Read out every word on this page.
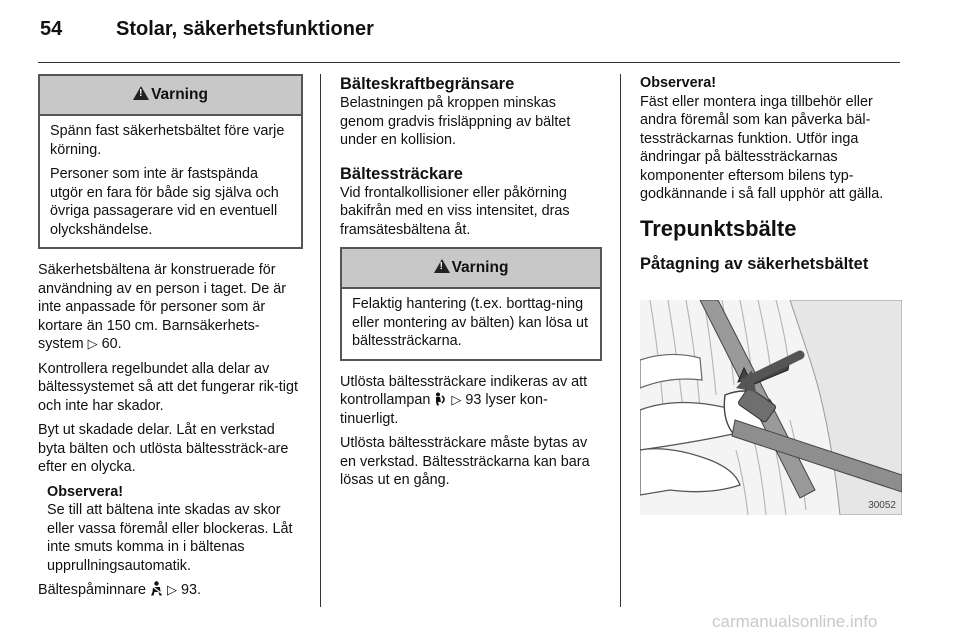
54	Stolar, säkerhetsfunktioner
!Varning

Spänn fast säkerhetsbältet före varje körning.

Personer som inte är fastspända utgör en fara för både sig själva och övriga passagerare vid en eventuell olyckshändelse.

Säkerhetsbältena är konstruerade för användning av en person i taget. De är inte anpassade för personer som är kortare än 150 cm. Barnsäkerhets-system ▷ 60.

Kontrollera regelbundet alla delar av bältessystemet så att det fungerar rik-tigt och inte har skador.

Byt ut skadade delar. Låt en verkstad byta bälten och utlösta bältessträck-are efter en olycka.

Observera!
Se till att bältena inte skadas av skor eller vassa föremål eller blockeras. Låt inte smuts komma in i bältenas upprullningsautomatik.

Bältespåminnare ▷ 93.

Bälteskraftbegränsare

Belastningen på kroppen minskas genom gradvis frisläppning av bältet under en kollision.

Bältessträckare

Vid frontalkollisioner eller påkörning bakifrån med en viss intensitet, dras framsätesbältena åt.

!Varning

Felaktig hantering (t.ex. borttag-ning eller montering av bälten) kan lösa ut bältessträckarna.

Utlösta bältessträckare indikeras av att kontrollampan ▷ 93 lyser kon-tinuerligt.

Utlösta bältessträckare måste bytas av en verkstad. Bältessträckarna kan bara lösas ut en gång.

Observera!
Fäst eller montera inga tillbehör eller andra föremål som kan påverka bäl-tessträckarnas funktion. Utför inga ändringar på bältessträckarnas komponenter eftersom bilens typ-godkännande i så fall upphör att gälla.
Trepunktsbälte
Påtagning av säkerhetsbältet
30052
carmanualsonline.info
